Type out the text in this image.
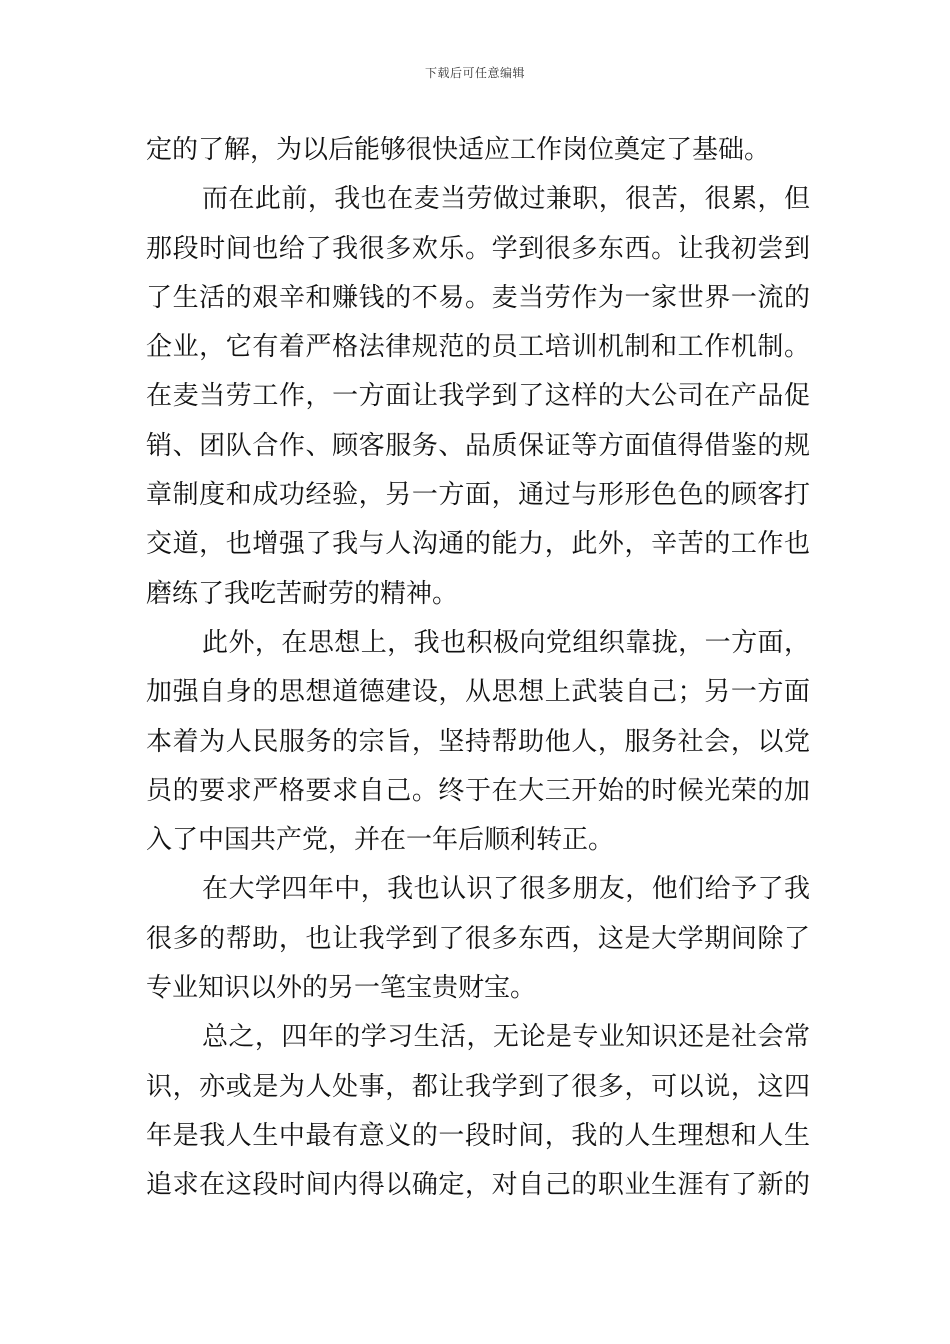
下载后可任意编辑
定的了解，为以后能够很快适应工作岗位奠定了基础。
而在此前，我也在麦当劳做过兼职，很苦，很累，但
那段时间也给了我很多欢乐。学到很多东西。让我初尝到
了生活的艰辛和赚钱的不易。麦当劳作为一家世界一流的
企业，它有着严格法律规范的员工培训机制和工作机制。
在麦当劳工作，一方面让我学到了这样的大公司在产品促
销、团队合作、顾客服务、品质保证等方面值得借鉴的规
章制度和成功经验，另一方面，通过与形形色色的顾客打
交道，也增强了我与人沟通的能力，此外，辛苦的工作也
磨练了我吃苦耐劳的精神。
此外，在思想上，我也积极向党组织靠拢，一方面，
加强自身的思想道德建设，从思想上武装自己；另一方面
本着为人民服务的宗旨，坚持帮助他人，服务社会，以党
员的要求严格要求自己。终于在大三开始的时候光荣的加
入了中国共产党，并在一年后顺利转正。
在大学四年中，我也认识了很多朋友，他们给予了我
很多的帮助，也让我学到了很多东西，这是大学期间除了
专业知识以外的另一笔宝贵财宝。
总之，四年的学习生活，无论是专业知识还是社会常
识，亦或是为人处事，都让我学到了很多，可以说，这四
年是我人生中最有意义的一段时间，我的人生理想和人生
追求在这段时间内得以确定，对自己的职业生涯有了新的
